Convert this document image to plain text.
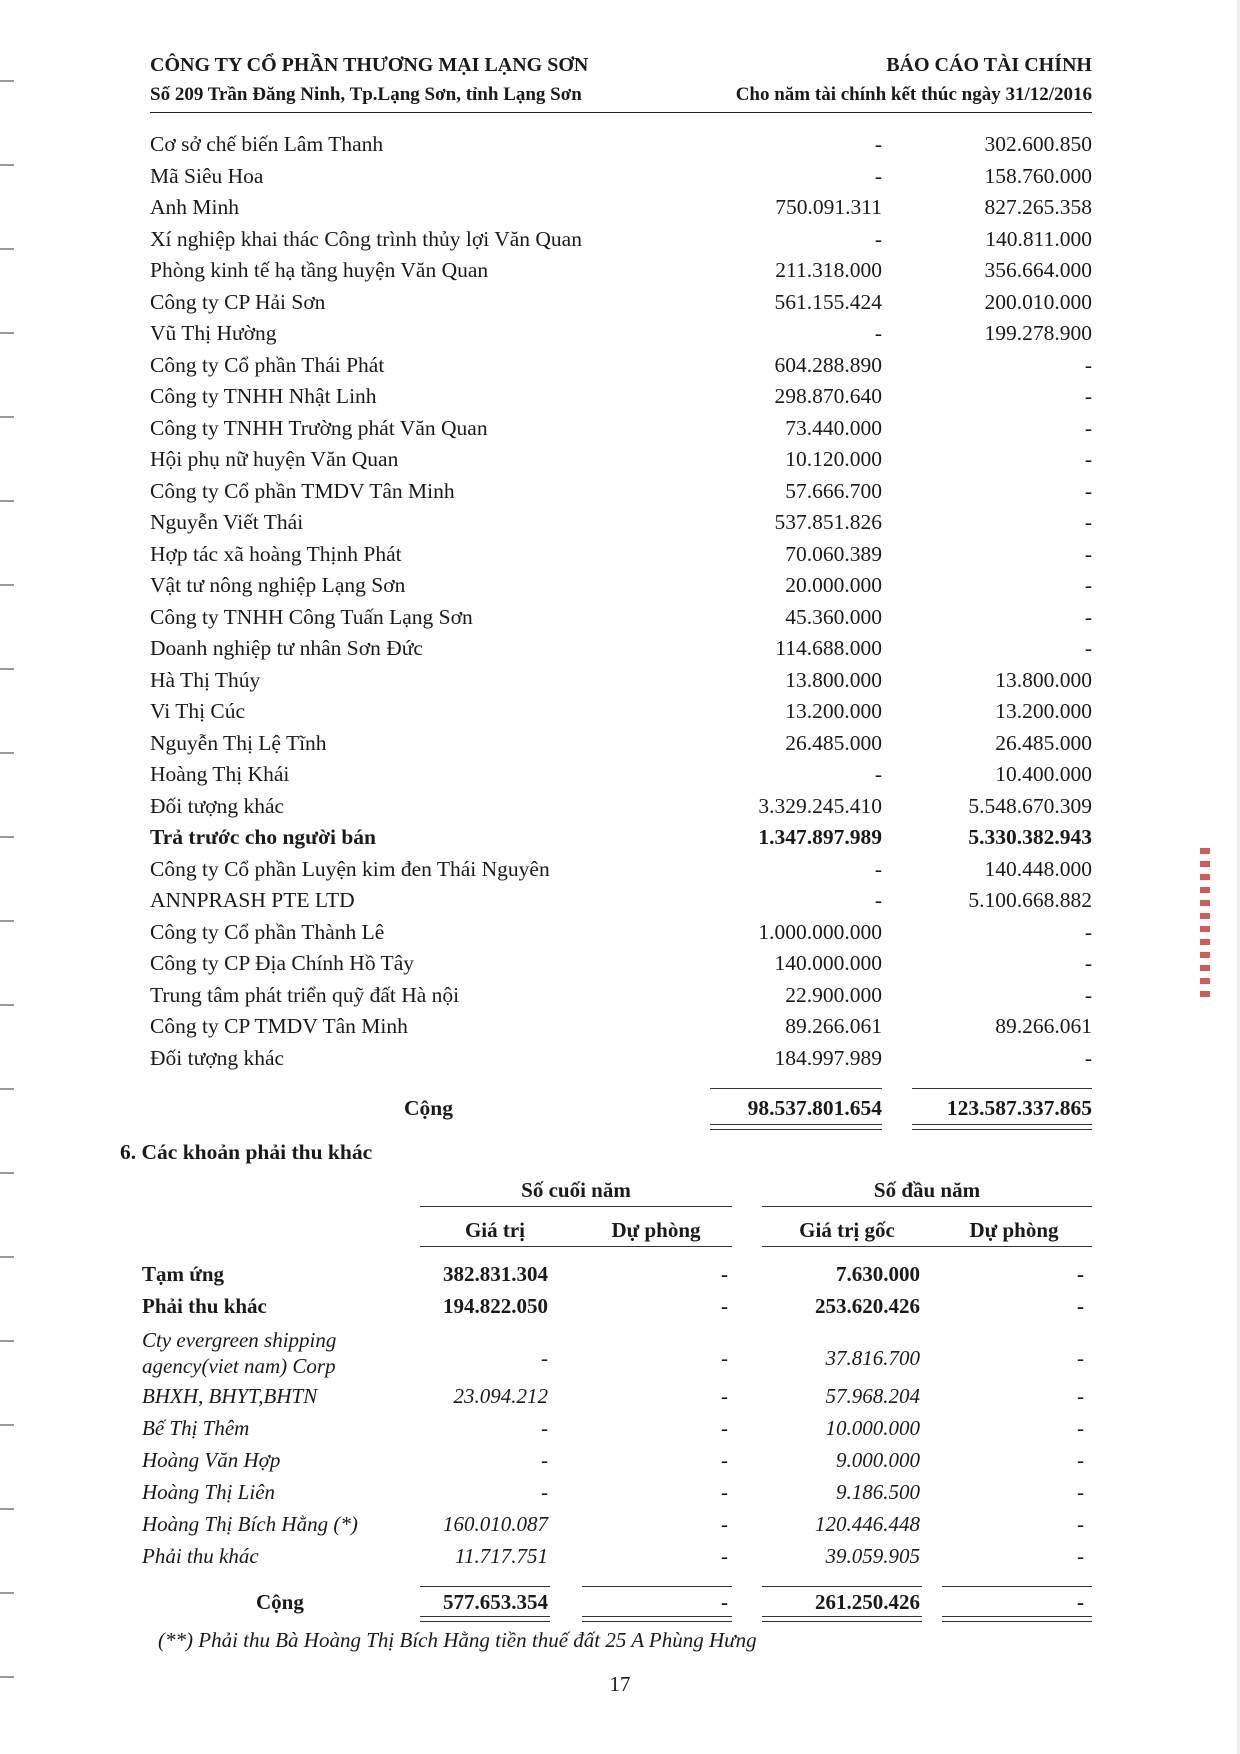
CÔNG TY CỔ PHẦN THƯƠNG MẠI LẠNG SƠN
Số 209 Trần Đăng Ninh, Tp.Lạng Sơn, tỉnh Lạng Sơn
BÁO CÁO TÀI CHÍNH
Cho năm tài chính kết thúc ngày 31/12/2016
Cơ sở chế biến Lâm Thanh	-	302.600.850
Mã Siêu Hoa	-	158.760.000
Anh Minh	750.091.311	827.265.358
Xí nghiệp khai thác Công trình thủy lợi Văn Quan	-	140.811.000
Phòng kinh tế hạ tầng huyện Văn Quan	211.318.000	356.664.000
Công ty CP Hải Sơn	561.155.424	200.010.000
Vũ Thị Hường	-	199.278.900
Công ty Cổ phần Thái Phát	604.288.890	-
Công ty TNHH Nhật Linh	298.870.640	-
Công ty TNHH Trường phát Văn Quan	73.440.000	-
Hội phụ nữ huyện Văn Quan	10.120.000	-
Công ty Cổ phần TMDV Tân Minh	57.666.700	-
Nguyễn Viết Thái	537.851.826	-
Hợp tác xã hoàng Thịnh Phát	70.060.389	-
Vật tư nông nghiệp Lạng Sơn	20.000.000	-
Công ty TNHH Công Tuấn Lạng Sơn	45.360.000	-
Doanh nghiệp tư nhân Sơn Đức	114.688.000	-
Hà Thị Thúy	13.800.000	13.800.000
Vi Thị Cúc	13.200.000	13.200.000
Nguyễn Thị Lệ Tĩnh	26.485.000	26.485.000
Hoàng Thị Khái	-	10.400.000
Đối tượng khác	3.329.245.410	5.548.670.309
Trả trước cho người bán	1.347.897.989	5.330.382.943
Công ty Cổ phần Luyện kim đen Thái Nguyên	-	140.448.000
ANNPRASH PTE LTD	-	5.100.668.882
Công ty Cổ phần Thành Lê	1.000.000.000	-
Công ty CP Địa Chính Hồ Tây	140.000.000	-
Trung tâm phát triển quỹ đất Hà nội	22.900.000	-
Công ty CP TMDV Tân Minh	89.266.061	89.266.061
Đối tượng khác	184.997.989	-
Cộng	98.537.801.654	123.587.337.865
6. Các khoản phải thu khác
Số cuối năm	Số đầu năm
Giá trị	Dự phòng	Giá trị gốc	Dự phòng
Tạm ứng	382.831.304	-	7.630.000	-
Phải thu khác	194.822.050	-	253.620.426	-
Cty evergreen shipping
agency(viet nam) Corp	-	-	37.816.700	-
BHXH, BHYT,BHTN	23.094.212	-	57.968.204	-
Bế Thị Thêm	-	-	10.000.000	-
Hoàng Văn Hợp	-	-	9.000.000	-
Hoàng Thị Liên	-	-	9.186.500	-
Hoàng Thị Bích Hằng (*)	160.010.087	-	120.446.448	-
Phải thu khác	11.717.751	-	39.059.905	-
Cộng	577.653.354	-	261.250.426	-
(**) Phải thu Bà Hoàng Thị Bích Hằng tiền thuế đất 25 A Phùng Hưng
17
